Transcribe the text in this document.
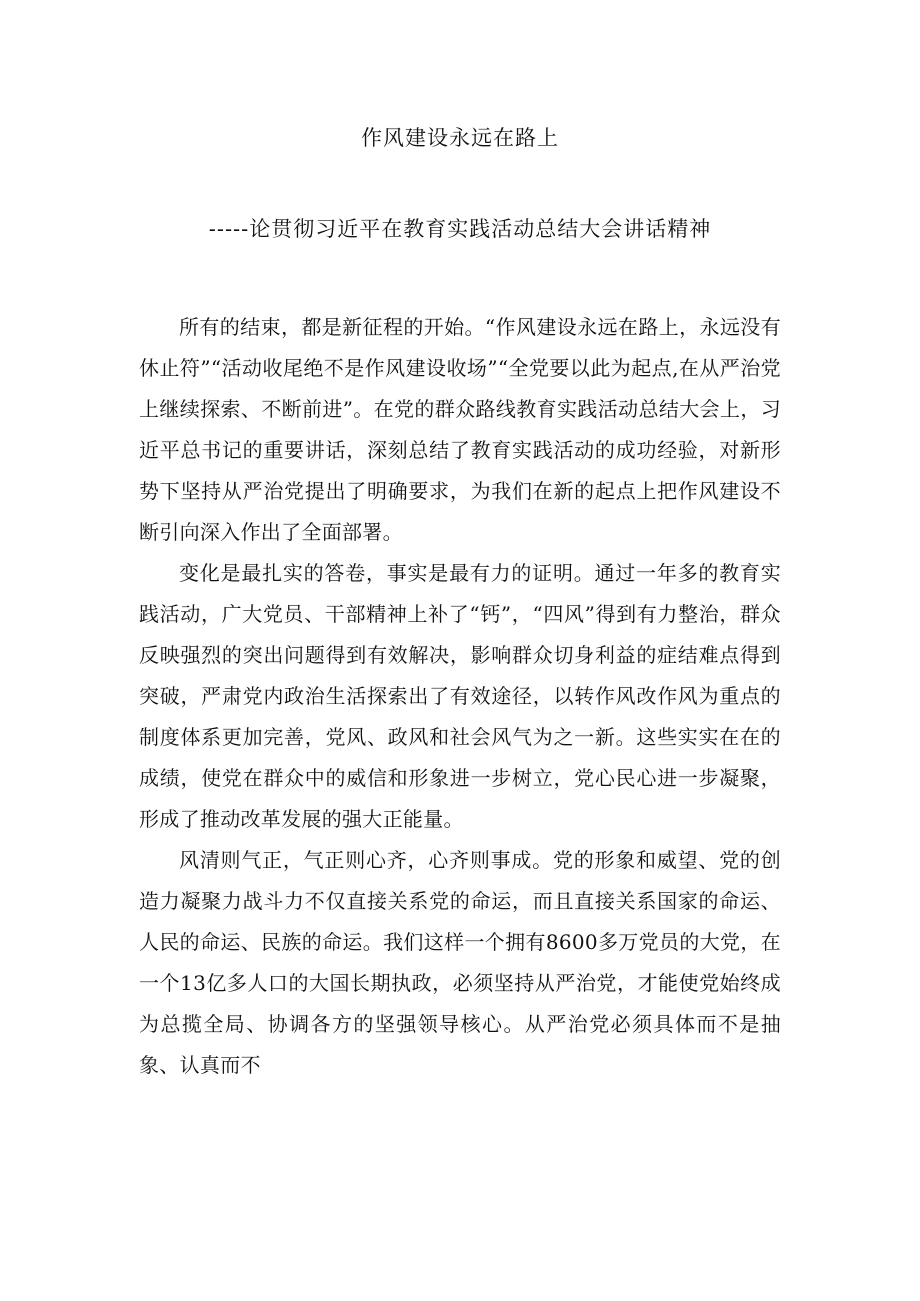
作风建设永远在路上
-----论贯彻习近平在教育实践活动总结大会讲话精神

所有的结束，都是新征程的开始。“作风建设永远在路上，永远没有休止符”“活动收尾绝不是作风建设收场”“全党要以此为起点,在从严治党上继续探索、不断前进”。在党的群众路线教育实践活动总结大会上，习近平总书记的重要讲话，深刻总结了教育实践活动的成功经验，对新形势下坚持从严治党提出了明确要求，为我们在新的起点上把作风建设不断引向深入作出了全面部署。

变化是最扎实的答卷，事实是最有力的证明。通过一年多的教育实践活动，广大党员、干部精神上补了“钙”，“四风”得到有力整治，群众反映强烈的突出问题得到有效解决，影响群众切身利益的症结难点得到突破，严肃党内政治生活探索出了有效途径，以转作风改作风为重点的制度体系更加完善，党风、政风和社会风气为之一新。这些实实在在的成绩，使党在群众中的威信和形象进一步树立，党心民心进一步凝聚，形成了推动改革发展的强大正能量。

风清则气正，气正则心齐，心齐则事成。党的形象和威望、党的创造力凝聚力战斗力不仅直接关系党的命运，而且直接关系国家的命运、人民的命运、民族的命运。我们这样一个拥有8600多万党员的大党，在一个13亿多人口的大国长期执政，必须坚持从严治党，才能使党始终成为总揽全局、协调各方的坚强领导核心。从严治党必须具体而不是抽象、认真而不
